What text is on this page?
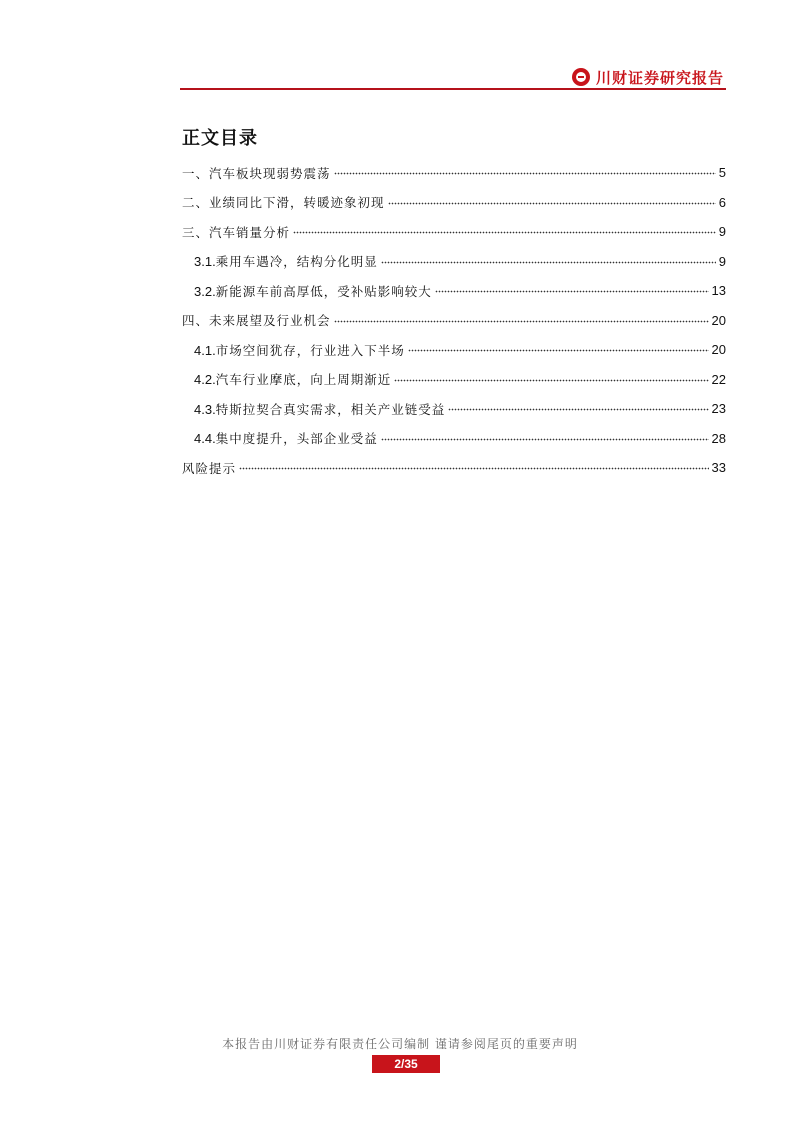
川财证券研究报告
正文目录
一、汽车板块现弱势震荡	5
二、业绩同比下滑，转暖迹象初现	6
三、汽车销量分析	9
3.1.乘用车遇冷，结构分化明显	9
3.2.新能源车前高厚低，受补贴影响较大	13
四、未来展望及行业机会	20
4.1.市场空间犹存，行业进入下半场	20
4.2.汽车行业摩底，向上周期渐近	22
4.3.特斯拉契合真实需求，相关产业链受益	23
4.4.集中度提升，头部企业受益	28
风险提示	33
本报告由川财证券有限责任公司编制 谨请参阅尾页的重要声明
2/35
